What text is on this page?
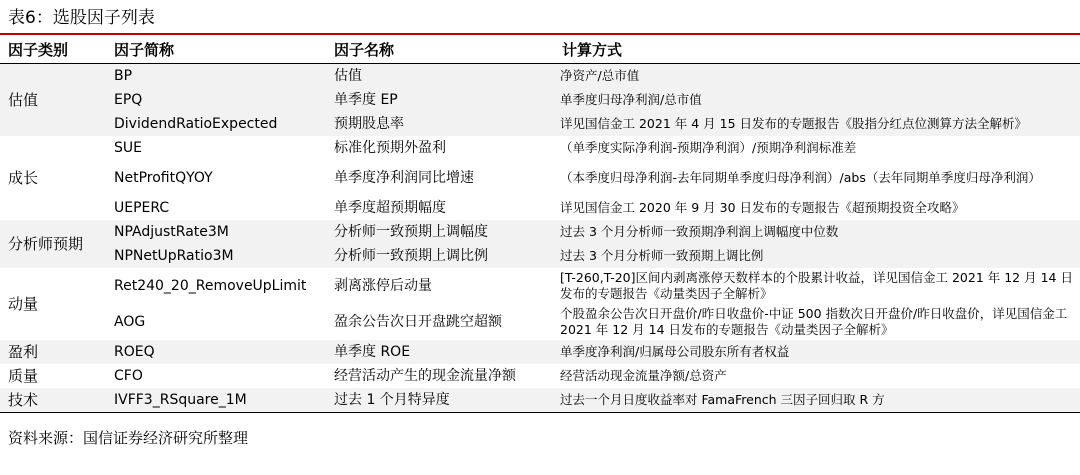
表6：选股因子列表
因子类别	因子简称	因子名称	计算方式
估值	BP	估值	净资产/总市值
	EPQ	单季度 EP	单季度归母净利润/总市值
	DividendRatioExpected	预期股息率	详见国信金工 2021 年 4 月 15 日发布的专题报告《股指分红点位测算方法全解析》
成长	SUE	标准化预期外盈利	（单季度实际净利润-预期净利润）/预期净利润标准差
	NetProfitQYOY	单季度净利润同比增速	（本季度归母净利润-去年同期单季度归母净利润）/abs（去年同期单季度归母净利润）
	UEPERC	单季度超预期幅度	详见国信金工 2020 年 9 月 30 日发布的专题报告《超预期投资全攻略》
分析师预期	NPAdjustRate3M	分析师一致预期上调幅度	过去 3 个月分析师一致预期净利润上调幅度中位数
	NPNetUpRatio3M	分析师一致预期上调比例	过去 3 个月分析师一致预期上调比例
动量	Ret240_20_RemoveUpLimit	剥离涨停后动量	[T-260,T-20]区间内剥离涨停天数样本的个股累计收益，详见国信金工 2021 年 12 月 14 日发布的专题报告《动量类因子全解析》
	AOG	盈余公告次日开盘跳空超额	个股盈余公告次日开盘价/昨日收盘价-中证 500 指数次日开盘价/昨日收盘价，详见国信金工 2021 年 12 月 14 日发布的专题报告《动量类因子全解析》
盈利	ROEQ	单季度 ROE	单季度净利润/归属母公司股东所有者权益
质量	CFO	经营活动产生的现金流量净额	经营活动现金流量净额/总资产
技术	IVFF3_RSquare_1M	过去 1 个月特异度	过去一个月日度收益率对 FamaFrench 三因子回归取 R 方
资料来源：国信证券经济研究所整理
